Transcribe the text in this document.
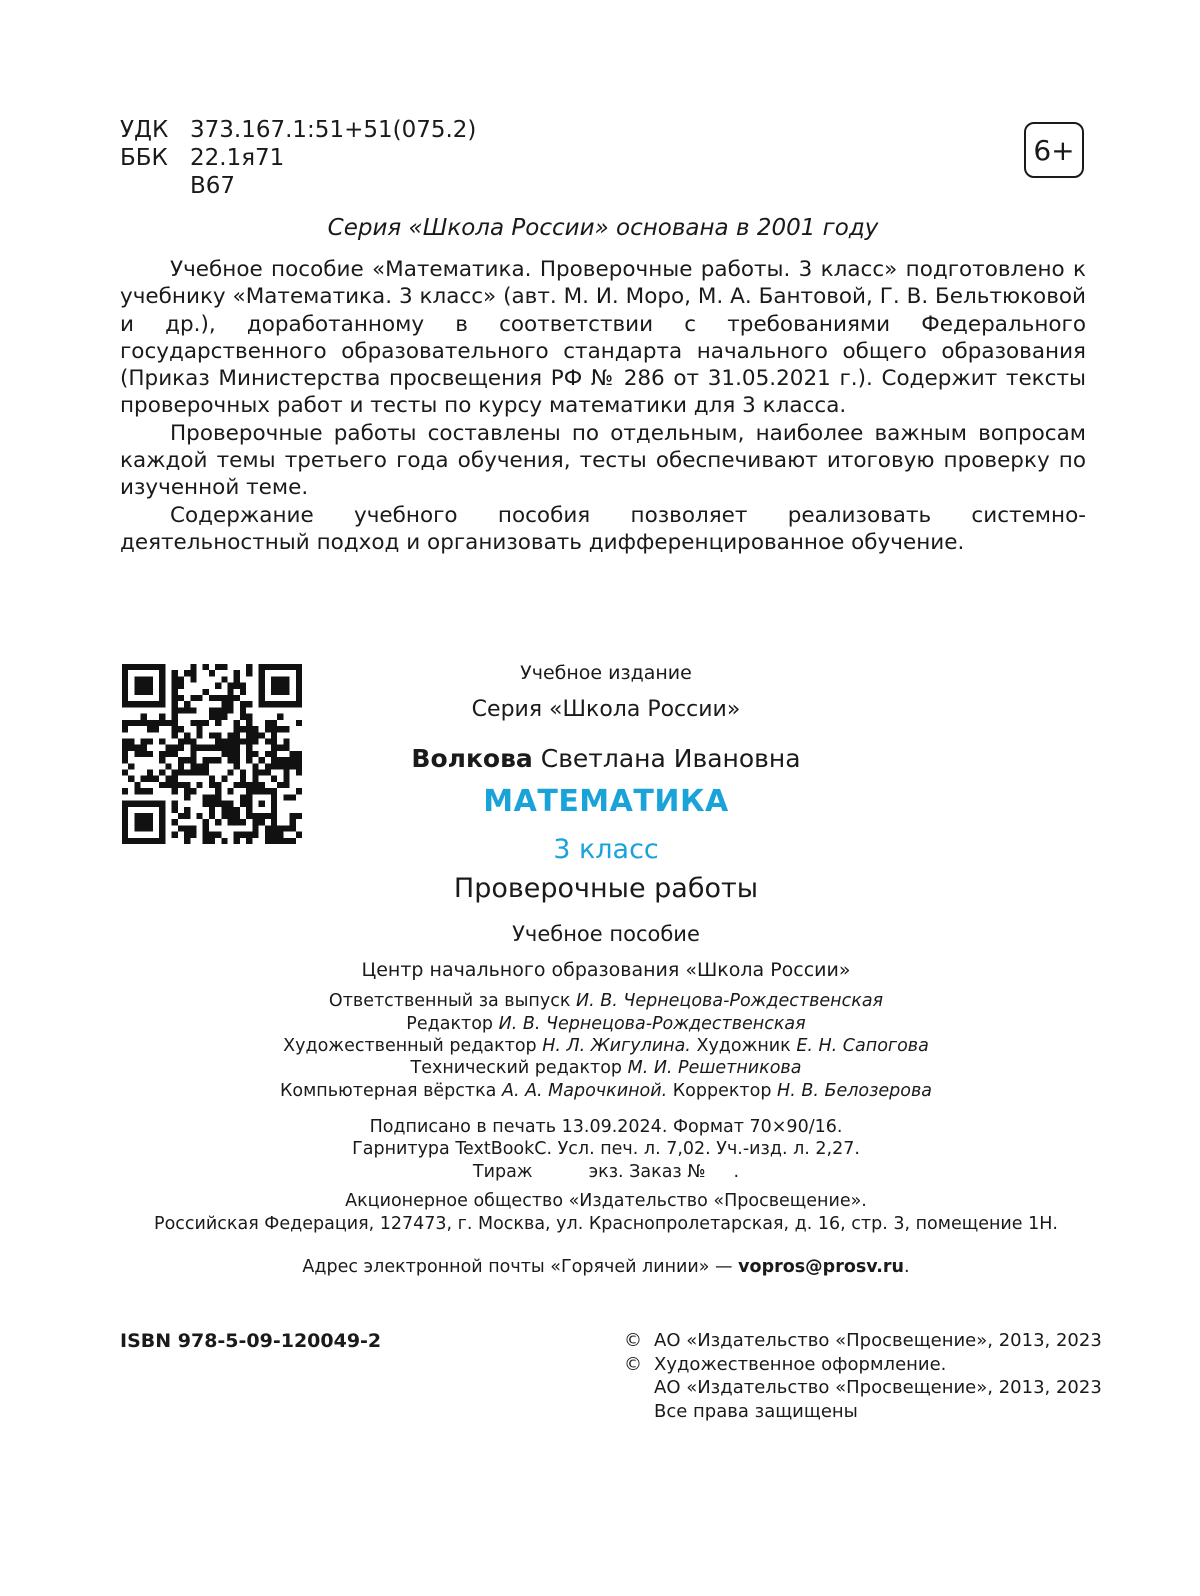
УДК 373.167.1:51+51(075.2)
ББК 22.1я71
В67
6+
Серия «Школа России» основана в 2001 году

Учебное пособие «Математика. Проверочные работы. 3 класс» подготовлено к учебнику «Математика. 3 класс» (авт. М. И. Моро, М. А. Бантовой, Г. В. Бельтюковой и др.), доработанному в соответствии с требованиями Федерального государственного образовательного стандарта начального общего образования (Приказ Министерства просвещения РФ № 286 от 31.05.2021 г.). Содержит тексты проверочных работ и тесты по курсу математики для 3 класса.

Проверочные работы составлены по отдельным, наиболее важным вопросам каждой темы третьего года обучения, тесты обеспечивают итоговую проверку по изученной теме.

Содержание учебного пособия позволяет реализовать системно-деятельностный подход и организовать дифференцированное обучение.

Учебное издание
Серия «Школа России»
Волкова Светлана Ивановна
МАТЕМАТИКА
3 класс
Проверочные работы
Учебное пособие
Центр начального образования «Школа России»
Ответственный за выпуск И. В. Чернецова-Рождественская
Редактор И. В. Чернецова-Рождественская
Художественный редактор Н. Л. Жигулина. Художник Е. Н. Сапогова
Технический редактор М. И. Решетникова
Компьютерная вёрстка А. А. Марочкиной. Корректор Н. В. Белозерова
Подписано в печать 13.09.2024. Формат 70×90/16.
Гарнитура TextBookC. Усл. печ. л. 7,02. Уч.-изд. л. 2,27.
Тираж	экз. Заказ № .
Акционерное общество «Издательство «Просвещение».
Российская Федерация, 127473, г. Москва, ул. Краснопролетарская, д. 16, стр. 3, помещение 1Н.
Адрес электронной почты «Горячей линии» — vopros@prosv.ru.
ISBN 978-5-09-120049-2	© АО «Издательство «Просвещение», 2013, 2023
© Художественное оформление.
АО «Издательство «Просвещение», 2013, 2023
Все права защищены
